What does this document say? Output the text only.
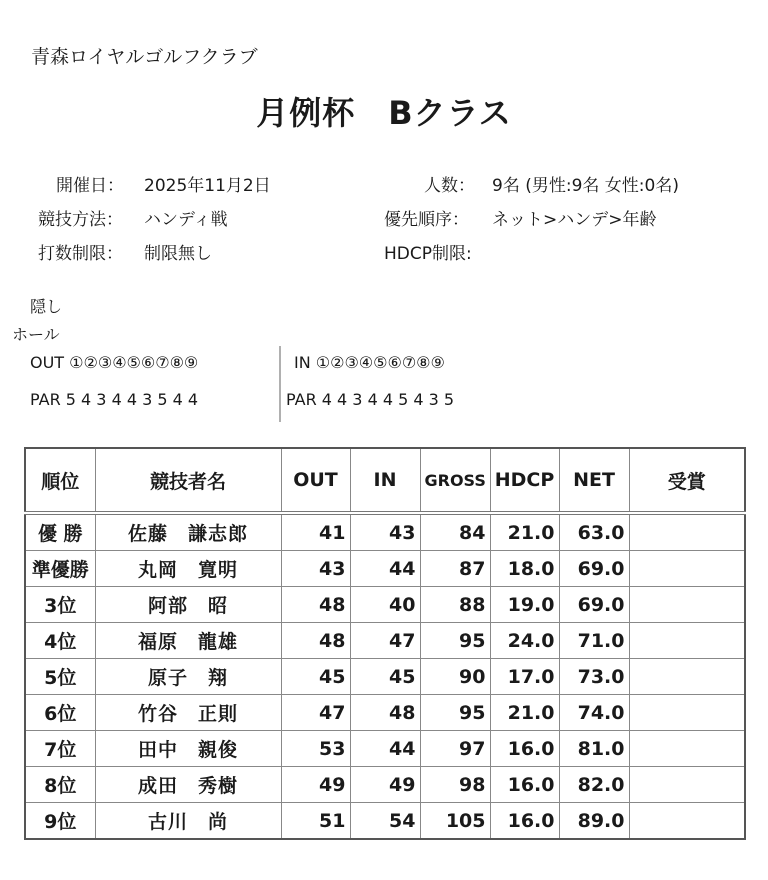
青森ロイヤルゴルフクラブ
月例杯　Bクラス
開催日： 2025年11月2日	人数： 9名 (男性:9名 女性:0名)
競技方法： ハンディ戦	優先順序： ネット>ハンデ>年齢
打数制限： 制限無し	HDCP制限:
隠し
ホール
OUT ①②③④⑤⑥⑦⑧⑨	IN ①②③④⑤⑥⑦⑧⑨
PAR 5 4 3 4 4 3 5 4 4	PAR 4 4 3 4 4 5 4 3 5
順位	競技者名	OUT	IN	GROSS	HDCP	NET	受賞
優 勝	佐藤　謙志郎	41	43	84	21.0	63.0	
準優勝	丸岡　寛明	43	44	87	18.0	69.0	
3位	阿部　昭	48	40	88	19.0	69.0	
4位	福原　龍雄	48	47	95	24.0	71.0	
5位	原子　翔	45	45	90	17.0	73.0	
6位	竹谷　正則	47	48	95	21.0	74.0	
7位	田中　親俊	53	44	97	16.0	81.0	
8位	成田　秀樹	49	49	98	16.0	82.0	
9位	古川　尚	51	54	105	16.0	89.0	
